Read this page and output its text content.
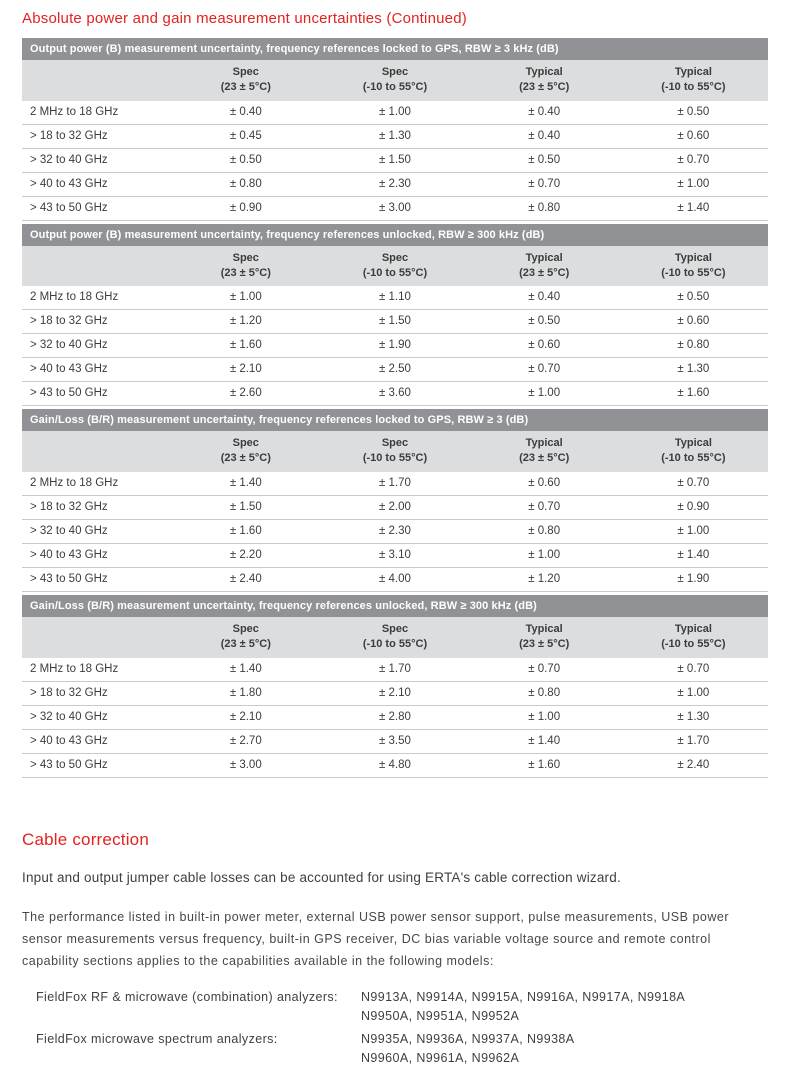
Absolute power and gain measurement uncertainties (Continued)
Output power (B) measurement uncertainty, frequency references locked to GPS, RBW ≥ 3 kHz (dB)

Spec
(23 ± 5°C)

Spec
(-10 to 55°C)

Typical
(23 ± 5°C)

Typical
(-10 to 55°C)

2 MHz to 18 GHz	± 0.40	± 1.00	± 0.40	± 0.50
> 18 to 32 GHz	± 0.45	± 1.30	± 0.40	± 0.60
> 32 to 40 GHz	± 0.50	± 1.50	± 0.50	± 0.70
> 40 to 43 GHz	± 0.80	± 2.30	± 0.70	± 1.00
> 43 to 50 GHz	± 0.90	± 3.00	± 0.80	± 1.40
Output power (B) measurement uncertainty, frequency references unlocked, RBW ≥ 300 kHz (dB)

Spec
(23 ± 5°C)

Spec
(-10 to 55°C)

Typical
(23 ± 5°C)

Typical
(-10 to 55°C)

2 MHz to 18 GHz	± 1.00	± 1.10	± 0.40	± 0.50
> 18 to 32 GHz	± 1.20	± 1.50	± 0.50	± 0.60
> 32 to 40 GHz	± 1.60	± 1.90	± 0.60	± 0.80
> 40 to 43 GHz	± 2.10	± 2.50	± 0.70	± 1.30
> 43 to 50 GHz	± 2.60	± 3.60	± 1.00	± 1.60
Gain/Loss (B/R) measurement uncertainty, frequency references locked to GPS, RBW ≥ 3 (dB)

Spec
(23 ± 5°C)

Spec
(-10 to 55°C)

Typical
(23 ± 5°C)

Typical
(-10 to 55°C)

2 MHz to 18 GHz	± 1.40	± 1.70	± 0.60	± 0.70
> 18 to 32 GHz	± 1.50	± 2.00	± 0.70	± 0.90
> 32 to 40 GHz	± 1.60	± 2.30	± 0.80	± 1.00
> 40 to 43 GHz	± 2.20	± 3.10	± 1.00	± 1.40
> 43 to 50 GHz	± 2.40	± 4.00	± 1.20	± 1.90
Gain/Loss (B/R) measurement uncertainty, frequency references unlocked, RBW ≥ 300 kHz (dB)

Spec
(23 ± 5°C)

Spec
(-10 to 55°C)

Typical
(23 ± 5°C)

Typical
(-10 to 55°C)

2 MHz to 18 GHz	± 1.40	± 1.70	± 0.70	± 0.70
> 18 to 32 GHz	± 1.80	± 2.10	± 0.80	± 1.00
> 32 to 40 GHz	± 2.10	± 2.80	± 1.00	± 1.30
> 40 to 43 GHz	± 2.70	± 3.50	± 1.40	± 1.70
> 43 to 50 GHz	± 3.00	± 4.80	± 1.60	± 2.40
Cable correction

Input and output jumper cable losses can be accounted for using ERTA's cable correction wizard.

The performance listed in built-in power meter, external USB power sensor support, pulse measurements, USB power sensor measurements versus frequency, built-in GPS receiver, DC bias variable voltage source and remote control capability sections applies to the capabilities available in the following models:

FieldFox RF & microwave (combination) analyzers:	N9913A, N9914A, N9915A, N9916A, N9917A, N9918A
N9950A, N9951A, N9952A
FieldFox microwave spectrum analyzers:	N9935A, N9936A, N9937A, N9938A
N9960A, N9961A, N9962A
